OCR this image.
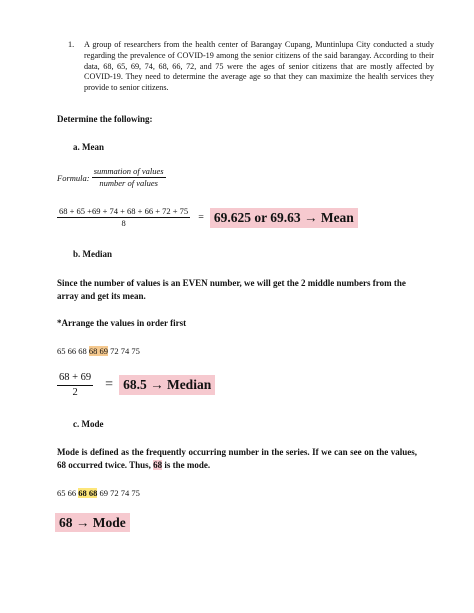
1. A group of researchers from the health center of Barangay Cupang, Muntinlupa City conducted a study regarding the prevalence of COVID-19 among the senior citizens of the said barangay. According to their data, 68, 65, 69, 74, 68, 66, 72, and 75 were the ages of senior citizens that are mostly affected by COVID-19. They need to determine the average age so that they can maximize the health services they provide to senior citizens.
Determine the following:
a. Mean
Formula: $\frac{\text{summation of values}}{\text{number of values}}$
$\frac{68 + 65 +69 + 74 + 68 + 66 + 72 + 75}{8} = 69.625$ or 69.63 → Mean
b. Median
Since the number of values is an EVEN number, we will get the 2 middle numbers from the array and get its mean.
*Arrange the values in order first
65 66 68 68 69 72 74 75
$\frac{68 + 69}{2} = 68.5$ → Median
c. Mode
Mode is defined as the frequently occurring number in the series. If we can see on the values, 68 occurred twice. Thus, 68 is the mode.
65 66 68 68 69 72 74 75
68 → Mode
